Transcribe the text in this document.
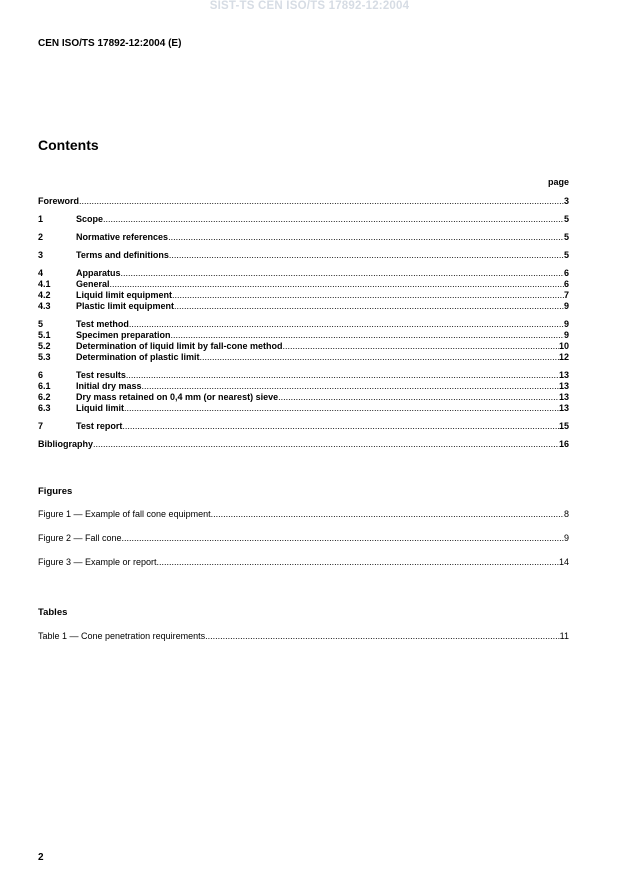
SIST-TS CEN ISO/TS 17892-12:2004
CEN ISO/TS 17892-12:2004 (E)
Contents
page
Foreword .....	3
1	Scope .....	5
2	Normative references .....	5
3	Terms and definitions .....	5
4	Apparatus .....	6
4.1	General .....	6
4.2	Liquid limit equipment .....	7
4.3	Plastic limit equipment .....	9
5	Test method .....	9
5.1	Specimen preparation .....	9
5.2	Determination of liquid limit by fall-cone method .....	10
5.3	Determination of plastic limit .....	12
6	Test results .....	13
6.1	Initial dry mass .....	13
6.2	Dry mass retained on 0,4 mm (or nearest) sieve .....	13
6.3	Liquid limit .....	13
7	Test report .....	15
Bibliography .....	16
Figures
Figure 1 — Example of fall cone equipment .....	8
Figure 2 — Fall cone .....	9
Figure 3 — Example or report .....	14
Tables
Table 1 — Cone penetration requirements .....	11
2
